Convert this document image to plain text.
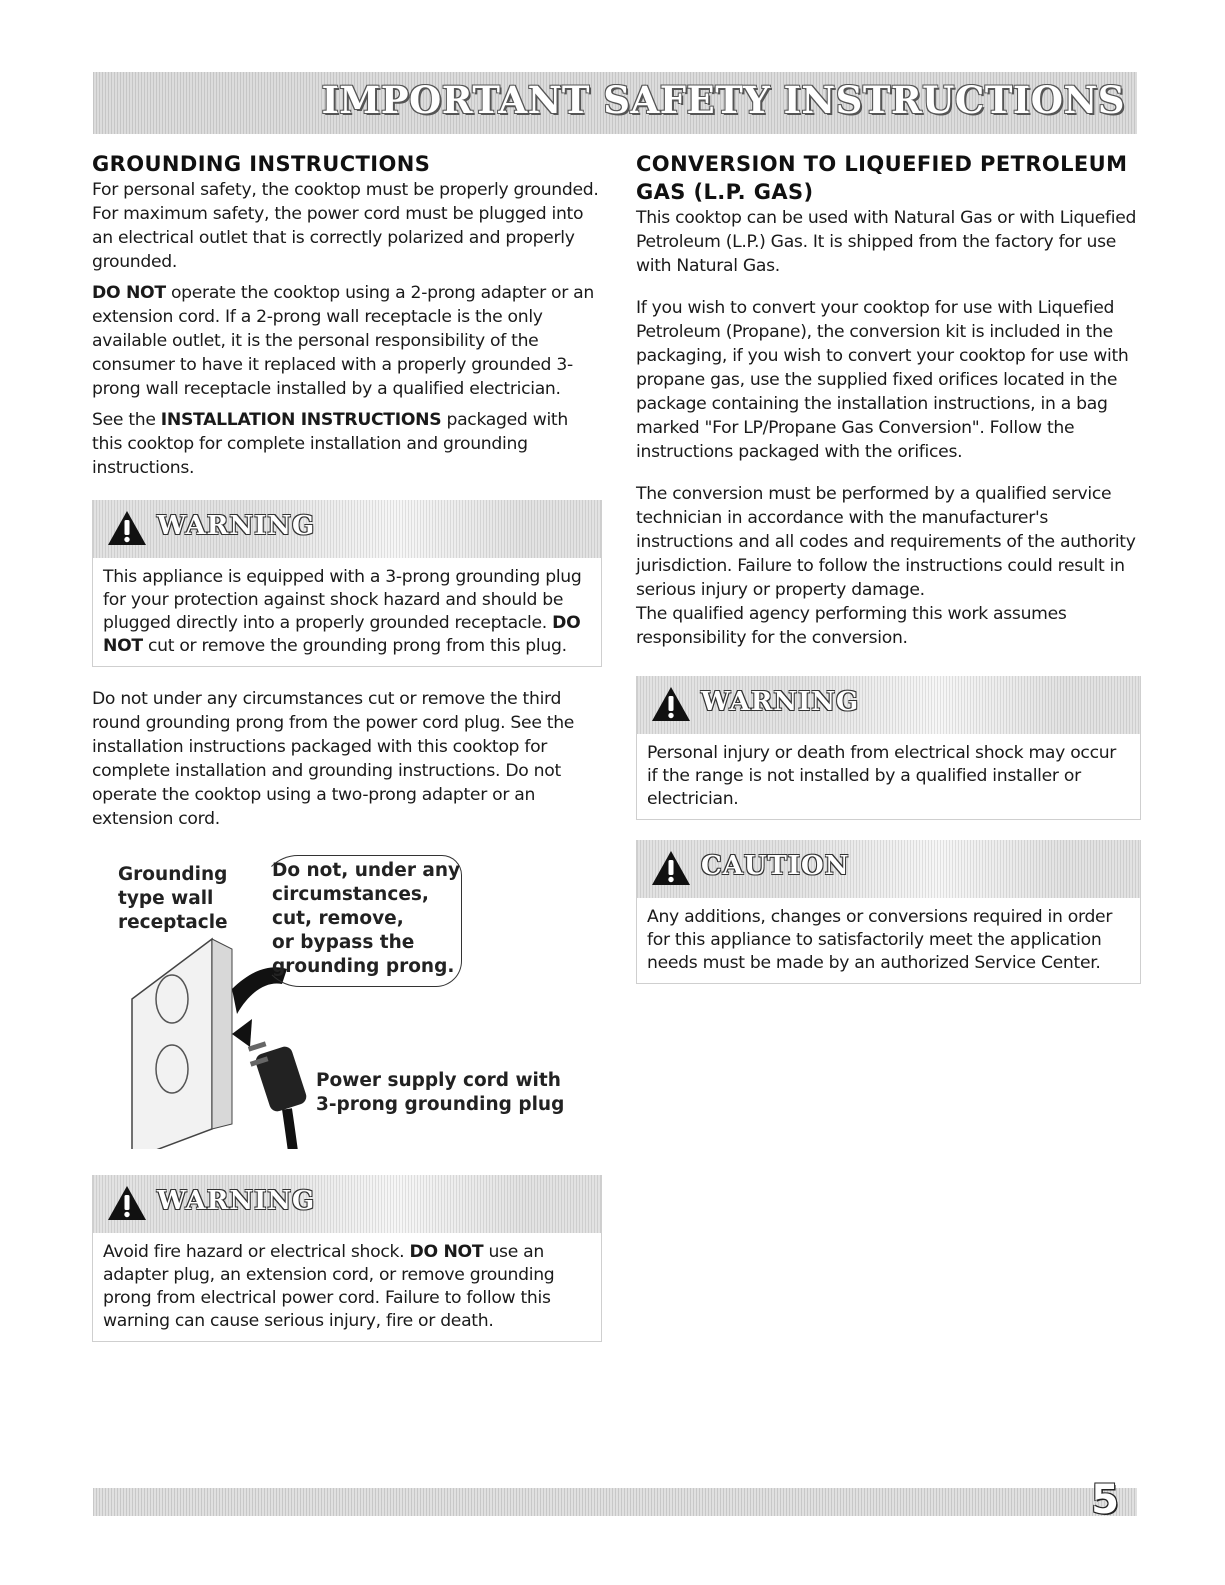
IMPORTANT SAFETY INSTRUCTIONS
GROUNDING INSTRUCTIONS

For personal safety, the cooktop must be properly grounded. For maximum safety, the power cord must be plugged into an electrical outlet that is correctly polarized and properly grounded.

DO NOT operate the cooktop using a 2-prong adapter or an extension cord. If a 2-prong wall receptacle is the only available outlet, it is the personal responsibility of the consumer to have it replaced with a properly grounded 3-prong wall receptacle installed by a qualified electrician.

See the INSTALLATION INSTRUCTIONS packaged with this cooktop for complete installation and grounding instructions.

WARNING
This appliance is equipped with a 3-prong grounding plug for your protection against shock hazard and should be plugged directly into a properly grounded receptacle. DO NOT cut or remove the grounding prong from this plug.

Do not under any circumstances cut or remove the third round grounding prong from the power cord plug. See the installation instructions packaged with this cooktop for complete installation and grounding instructions. Do not operate the cooktop using a two-prong adapter or an extension cord.

Grounding
type wall
receptacle
Do not, under any
circumstances,
cut, remove,
or bypass the
grounding prong.
Power supply cord with
3-prong grounding plug
WARNING
Avoid fire hazard or electrical shock. DO NOT use an adapter plug, an extension cord, or remove grounding prong from electrical power cord. Failure to follow this warning can cause serious injury, fire or death.
CONVERSION TO LIQUEFIED PETROLEUM
GAS (L.P. GAS)

This cooktop can be used with Natural Gas or with Liquefied Petroleum (L.P.) Gas. It is shipped from the factory for use with Natural Gas.

If you wish to convert your cooktop for use with Liquefied Petroleum (Propane), the conversion kit is included in the packaging, if you wish to convert your cooktop for use with propane gas, use the supplied fixed orifices located in the package containing the installation instructions, in a bag marked "For LP/Propane Gas Conversion". Follow the instructions packaged with the orifices.

The conversion must be performed by a qualified service technician in accordance with the manufacturer's instructions and all codes and requirements of the authority jurisdiction. Failure to follow the instructions could result in serious injury or property damage.

The qualified agency performing this work assumes responsibility for the conversion.

WARNING
Personal injury or death from electrical shock may occur if the range is not installed by a qualified installer or electrician.
CAUTION
Any additions, changes or conversions required in order for this appliance to satisfactorily meet the application needs must be made by an authorized Service Center.
5
